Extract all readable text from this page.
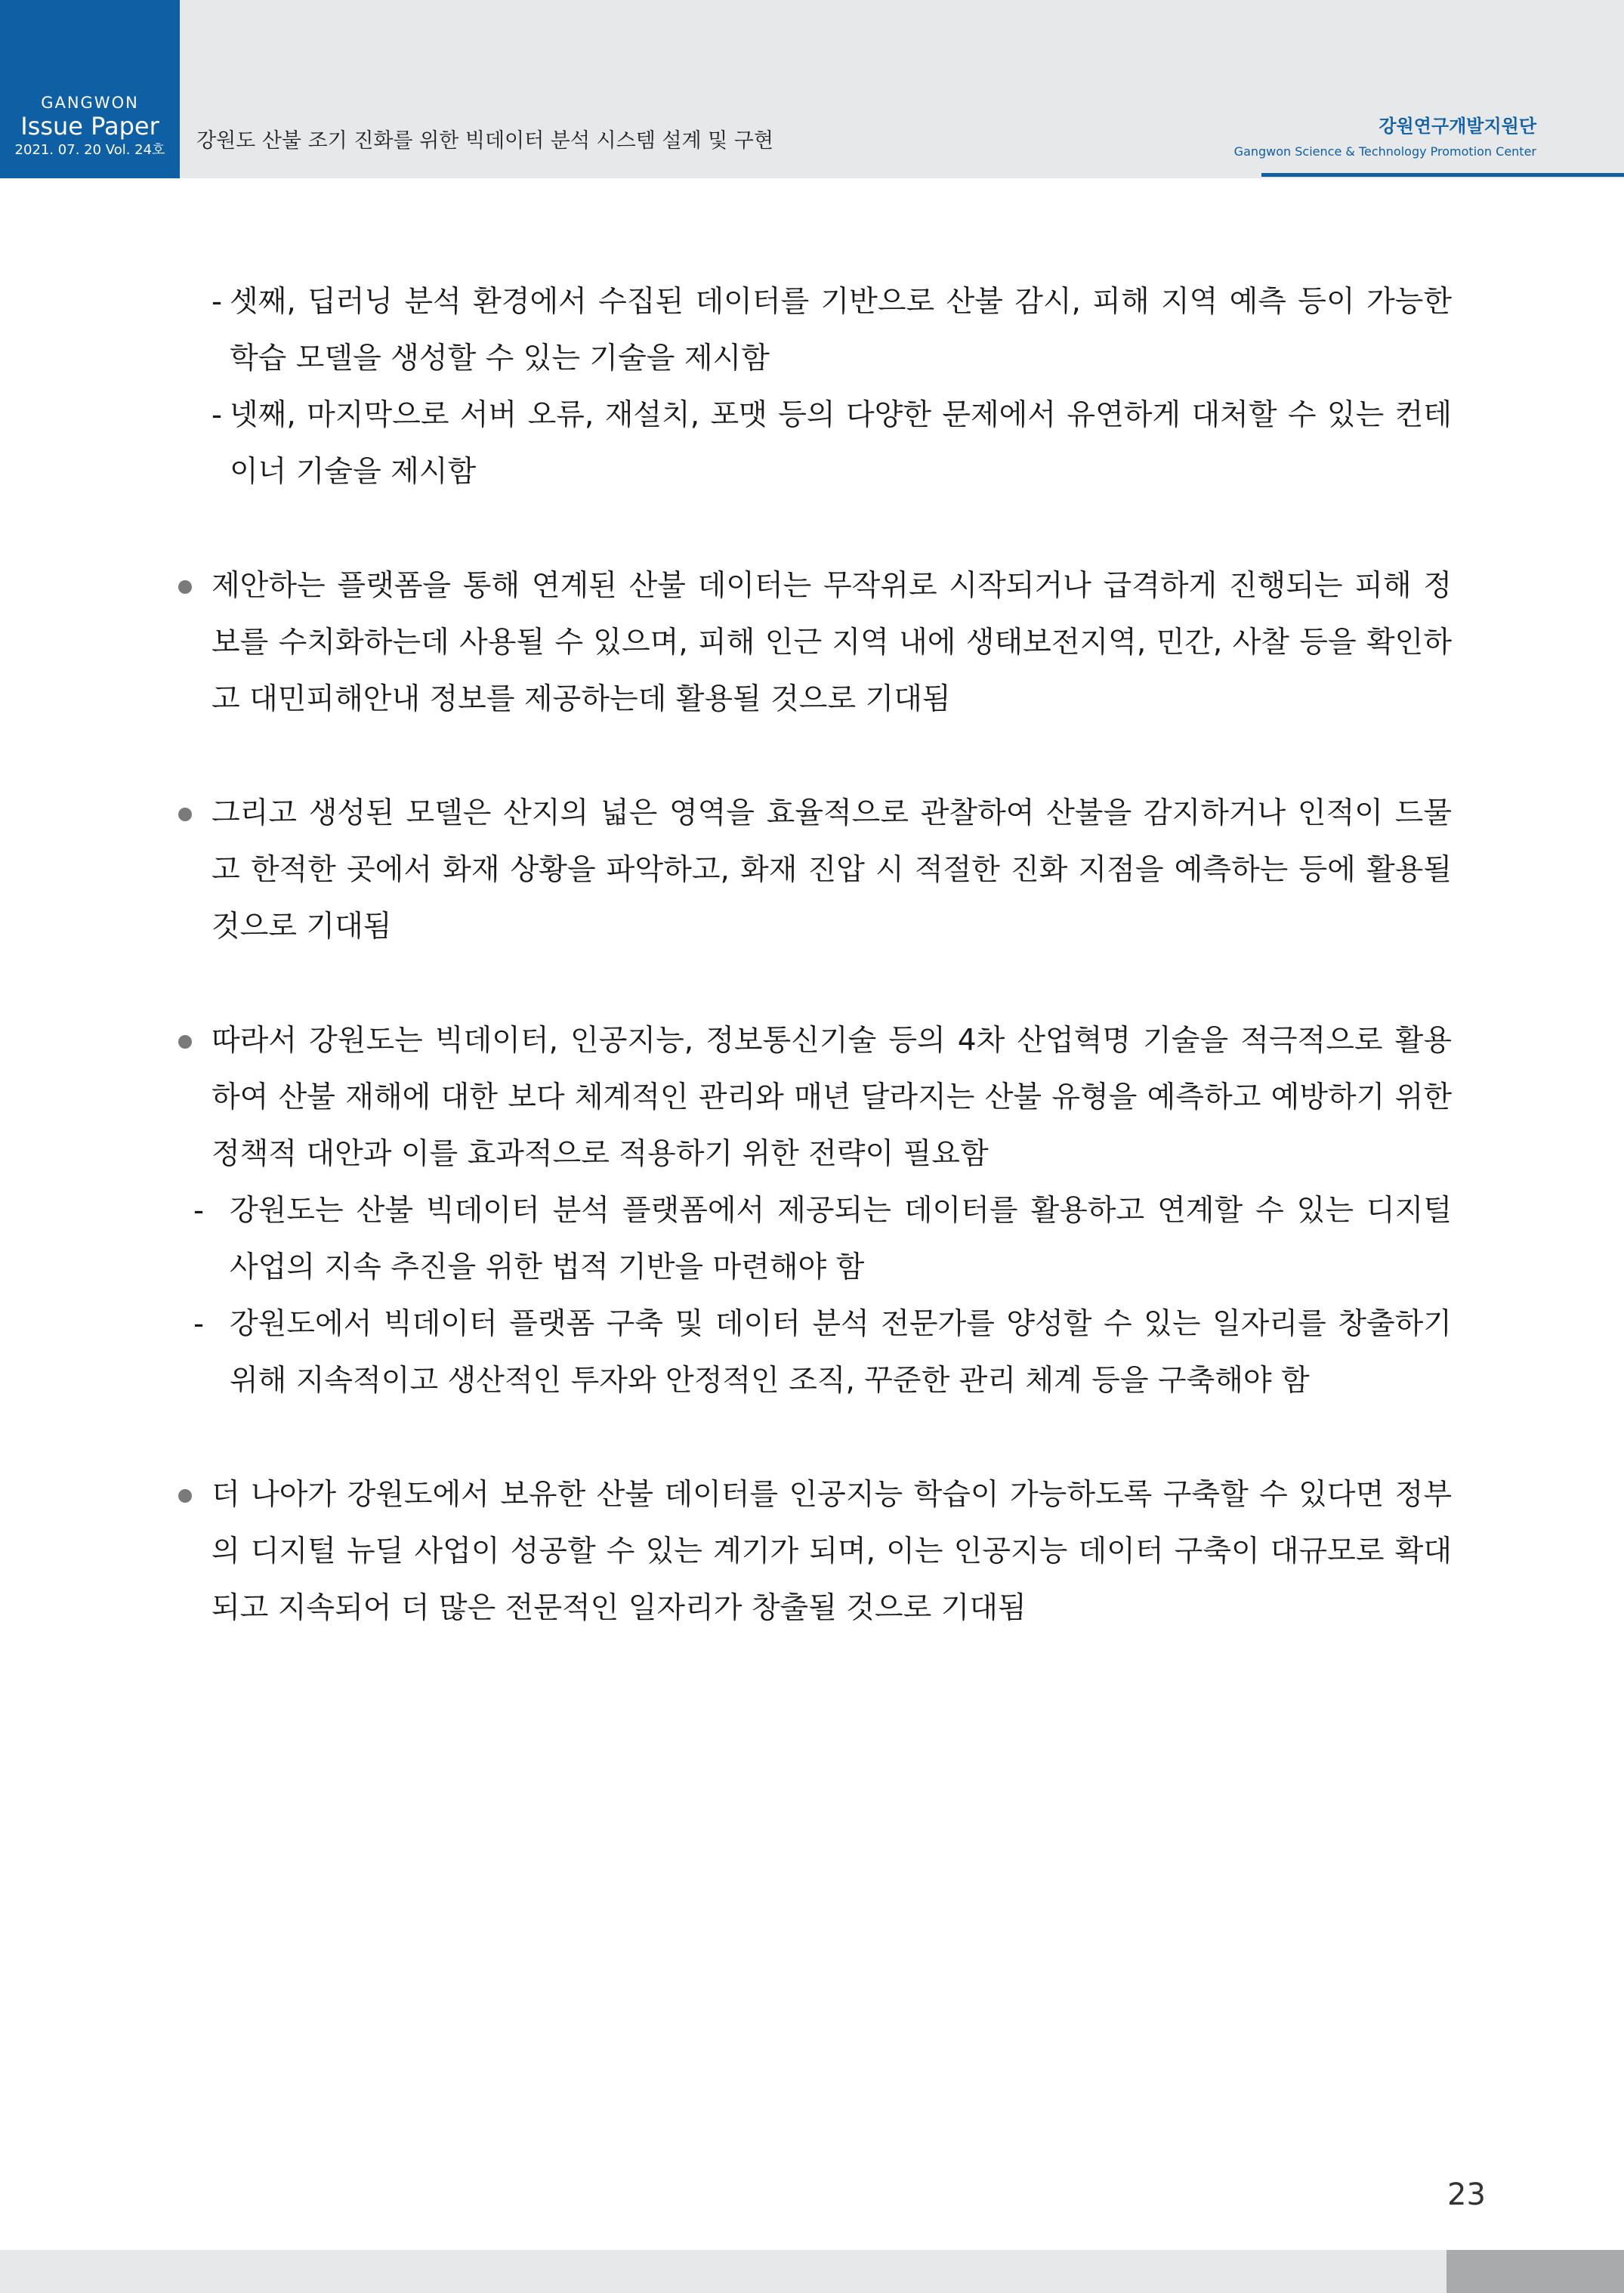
GANGWON
Issue Paper
2021. 07. 20 Vol. 24호	강원도 산불 조기 진화를 위한 빅데이터 분석 시스템 설계 및 구현
강원연구개발지원단
Gangwon Science & Technology Promotion Center
- 셋째, 딥러닝 분석 환경에서 수집된 데이터를 기반으로 산불 감시, 피해 지역 예측 등이 가능한 학습 모델을 생성할 수 있는 기술을 제시함
- 넷째, 마지막으로 서버 오류, 재설치, 포맷 등의 다양한 문제에서 유연하게 대처할 수 있는 컨테이너 기술을 제시함
제안하는 플랫폼을 통해 연계된 산불 데이터는 무작위로 시작되거나 급격하게 진행되는 피해 정보를 수치화하는데 사용될 수 있으며, 피해 인근 지역 내에 생태보전지역, 민간, 사찰 등을 확인하고 대민피해안내 정보를 제공하는데 활용될 것으로 기대됨
그리고 생성된 모델은 산지의 넓은 영역을 효율적으로 관찰하여 산불을 감지하거나 인적이 드물고 한적한 곳에서 화재 상황을 파악하고, 화재 진압 시 적절한 진화 지점을 예측하는 등에 활용될 것으로 기대됨
따라서 강원도는 빅데이터, 인공지능, 정보통신기술 등의 4차 산업혁명 기술을 적극적으로 활용하여 산불 재해에 대한 보다 체계적인 관리와 매년 달라지는 산불 유형을 예측하고 예방하기 위한 정책적 대안과 이를 효과적으로 적용하기 위한 전략이 필요함
- 강원도는 산불 빅데이터 분석 플랫폼에서 제공되는 데이터를 활용하고 연계할 수 있는 디지털 사업의 지속 추진을 위한 법적 기반을 마련해야 함
- 강원도에서 빅데이터 플랫폼 구축 및 데이터 분석 전문가를 양성할 수 있는 일자리를 창출하기 위해 지속적이고 생산적인 투자와 안정적인 조직, 꾸준한 관리 체계 등을 구축해야 함
더 나아가 강원도에서 보유한 산불 데이터를 인공지능 학습이 가능하도록 구축할 수 있다면 정부의 디지털 뉴딜 사업이 성공할 수 있는 계기가 되며, 이는 인공지능 데이터 구축이 대규모로 확대되고 지속되어 더 많은 전문적인 일자리가 창출될 것으로 기대됨
23
